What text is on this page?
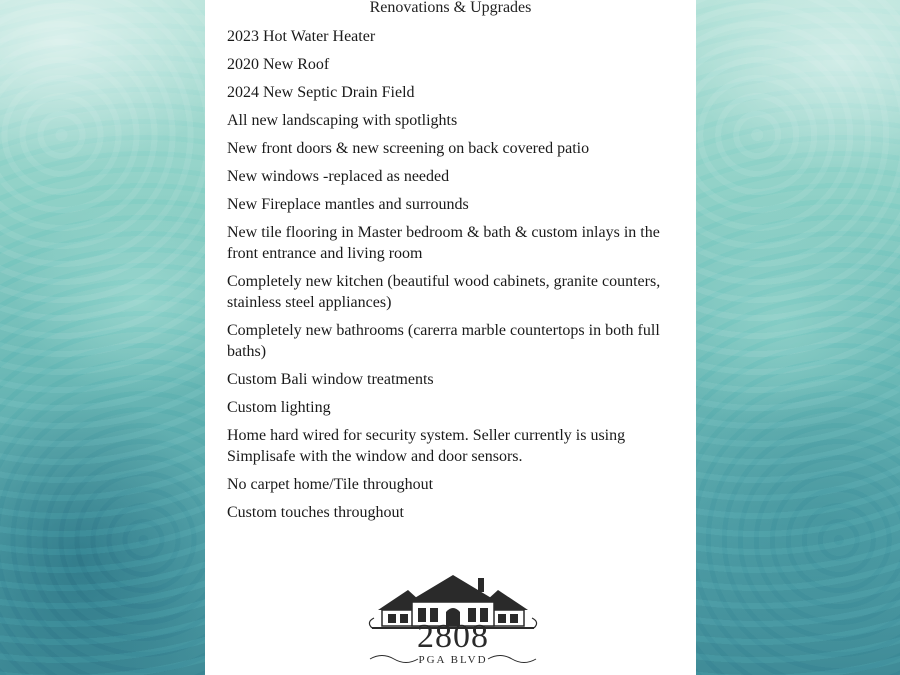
Renovations & Upgrades
2023 Hot Water Heater
2020 New Roof
2024 New Septic Drain Field
All new landscaping with spotlights
New front doors & new screening on back covered patio
New windows -replaced as needed
New Fireplace mantles and surrounds
New tile flooring in Master bedroom & bath & custom inlays in the front entrance and living room
Completely new kitchen (beautiful wood cabinets, granite counters, stainless steel appliances)
Completely new bathrooms (carerra marble countertops in both full baths)
Custom Bali window treatments
Custom lighting
Home hard wired for security system. Seller currently is using Simplisafe with the window and door sensors.
No carpet home/Tile throughout
Custom touches throughout
2808
PGA BLVD
